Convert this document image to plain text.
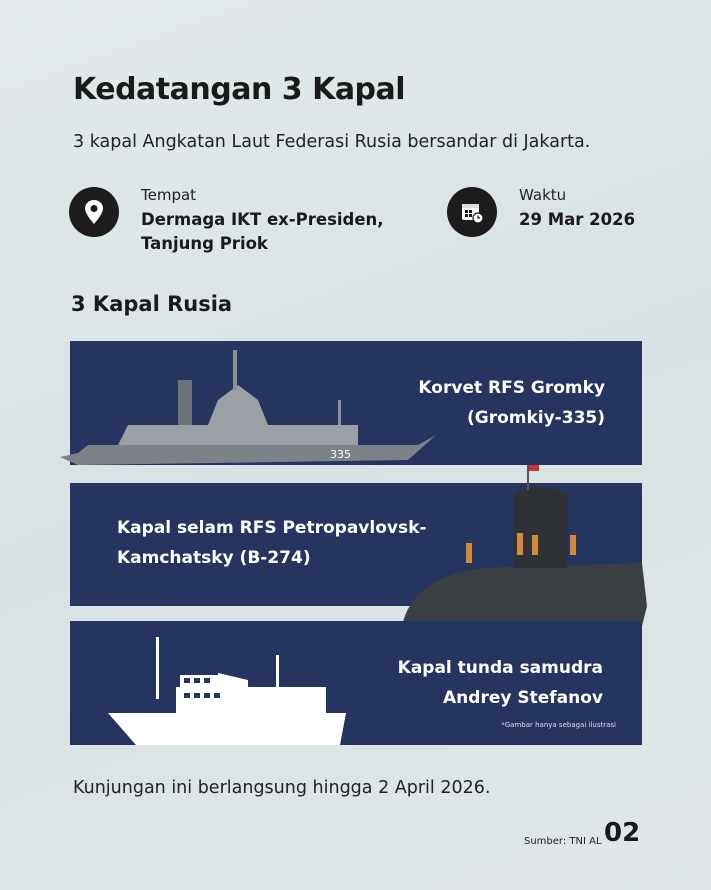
Kedatangan 3 Kapal
3 kapal Angkatan Laut Federasi Rusia bersandar di Jakarta.
Tempat
Dermaga IKT ex-Presiden,
Tanjung Priok
Waktu
29 Mar 2026
3 Kapal Rusia
335
Korvet RFS Gromky
(Gromkiy-335)
Kapal selam RFS Petropavlovsk-
Kamchatsky (B-274)
Kapal tunda samudra
Andrey Stefanov
*Gambar hanya sebagai ilustrasi
Kunjungan ini berlangsung hingga 2 April 2026.
Sumber: TNI AL 02
